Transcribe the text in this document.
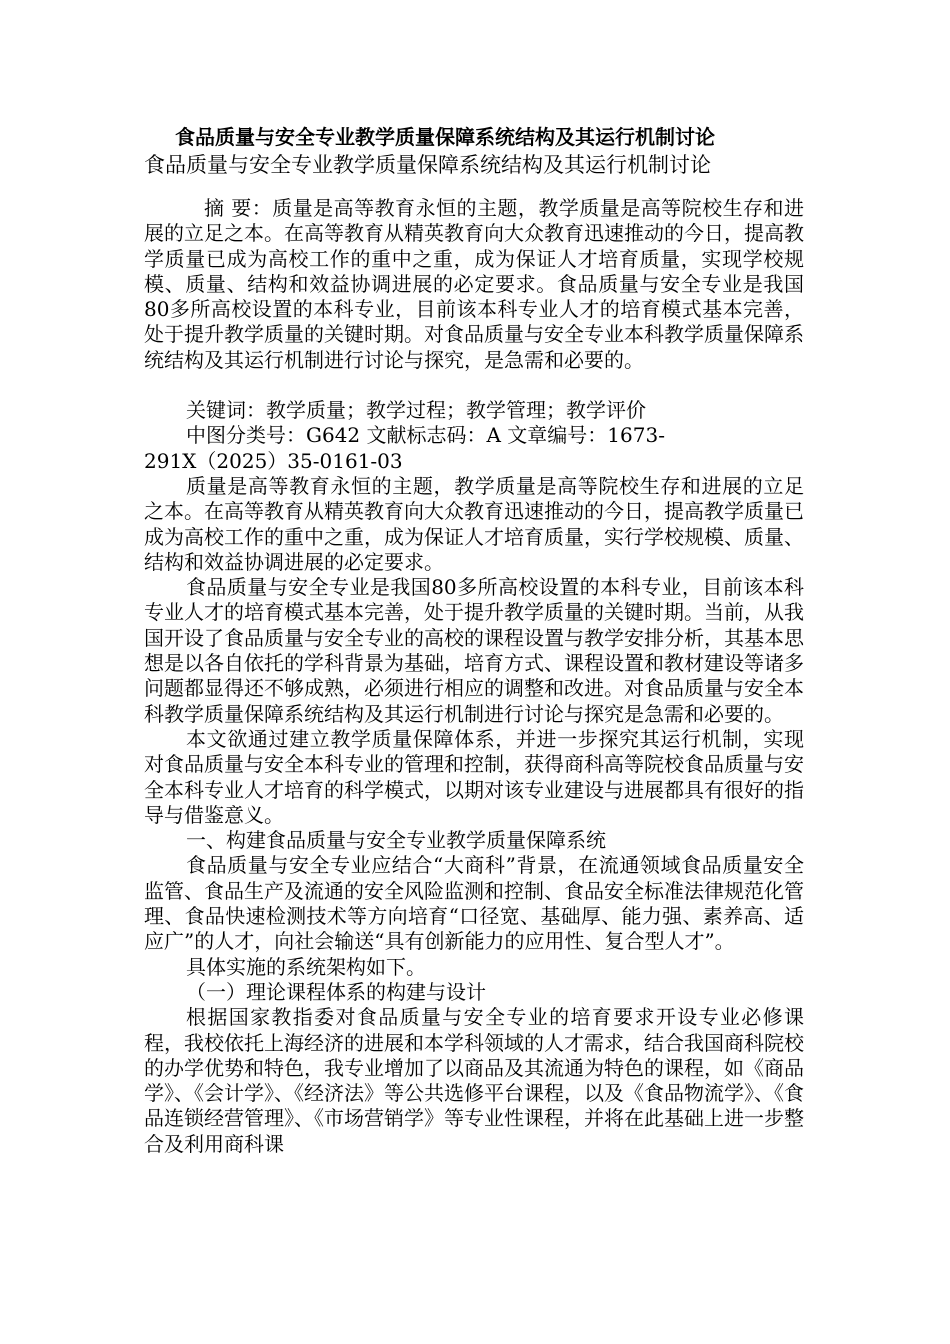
食品质量与安全专业教学质量保障系统结构及其运行机制讨论
食品质量与安全专业教学质量保障系统结构及其运行机制讨论

摘 要：质量是高等教育永恒的主题，教学质量是高等院校生存和进展的立足之本。在高等教育从精英教育向大众教育迅速推动的今日，提高教学质量已成为高校工作的重中之重，成为保证人才培育质量，实现学校规模、质量、结构和效益协调进展的必定要求。食品质量与安全专业是我国80多所高校设置的本科专业，目前该本科专业人才的培育模式基本完善，处于提升教学质量的关键时期。对食品质量与安全专业本科教学质量保障系统结构及其运行机制进行讨论与探究，是急需和必要的。

关键词：教学质量；教学过程；教学管理；教学评价

中图分类号：G642 文献标志码：A 文章编号：1673-

291X（2025）35-0161-03

质量是高等教育永恒的主题，教学质量是高等院校生存和进展的立足之本。在高等教育从精英教育向大众教育迅速推动的今日，提高教学质量已成为高校工作的重中之重，成为保证人才培育质量，实行学校规模、质量、结构和效益协调进展的必定要求。

食品质量与安全专业是我国80多所高校设置的本科专业，目前该本科专业人才的培育模式基本完善，处于提升教学质量的关键时期。当前，从我国开设了食品质量与安全专业的高校的课程设置与教学安排分析，其基本思想是以各自依托的学科背景为基础，培育方式、课程设置和教材建设等诸多问题都显得还不够成熟，必须进行相应的调整和改进。对食品质量与安全本科教学质量保障系统结构及其运行机制进行讨论与探究是急需和必要的。

本文欲通过建立教学质量保障体系，并进一步探究其运行机制，实现对食品质量与安全本科专业的管理和控制，获得商科高等院校食品质量与安全本科专业人才培育的科学模式，以期对该专业建设与进展都具有很好的指导与借鉴意义。

一、构建食品质量与安全专业教学质量保障系统

食品质量与安全专业应结合“大商科”背景，在流通领域食品质量安全监管、食品生产及流通的安全风险监测和控制、食品安全标准法律规范化管理、食品快速检测技术等方向培育“口径宽、基础厚、能力强、素养高、适应广”的人才，向社会输送“具有创新能力的应用性、复合型人才”。

具体实施的系统架构如下。

（一）理论课程体系的构建与设计

根据国家教指委对食品质量与安全专业的培育要求开设专业必修课程，我校依托上海经济的进展和本学科领域的人才需求，结合我国商科院校的办学优势和特色，我专业增加了以商品及其流通为特色的课程，如《商品学》、《会计学》、《经济法》等公共选修平台课程，以及《食品物流学》、《食品连锁经营管理》、《市场营销学》等专业性课程，并将在此基础上进一步整合及利用商科课
